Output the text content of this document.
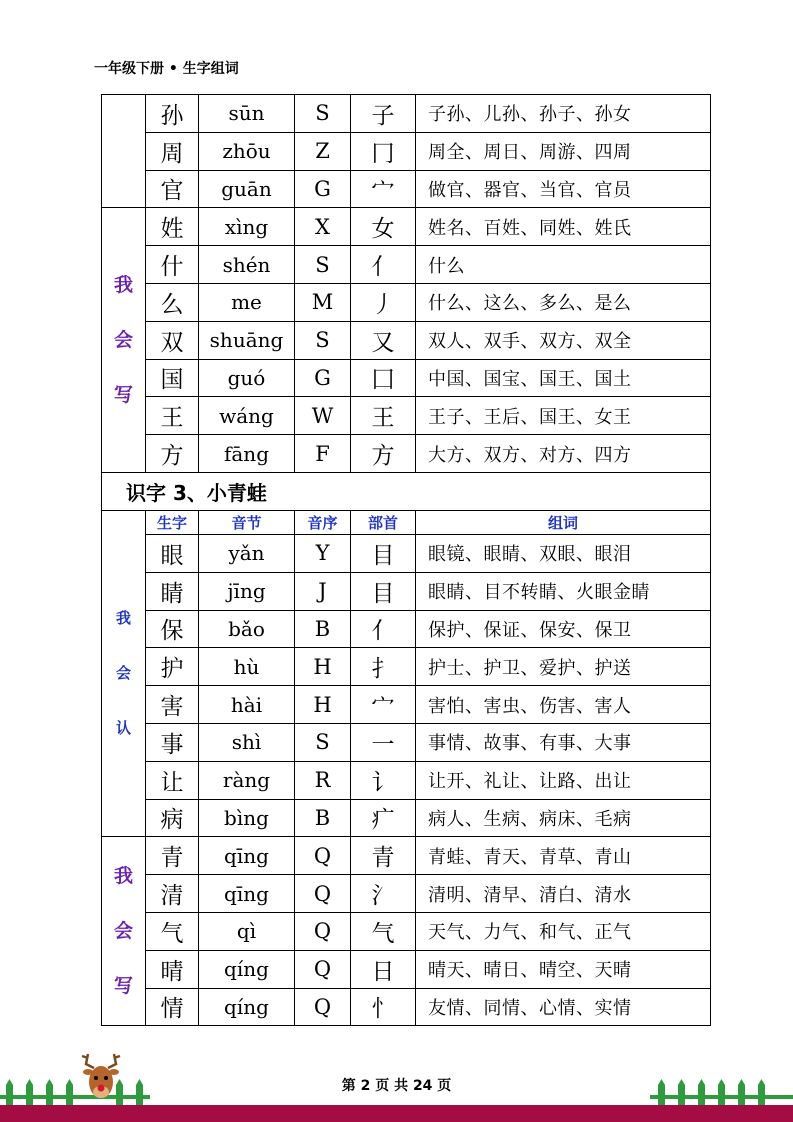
一年级下册 • 生字组词
	孙	sūn	S	子	子孙、儿孙、孙子、孙女
	周	zhōu	Z	冂	周全、周日、周游、四周
	官	guān	G	宀	做官、器官、当官、官员

我
会
写	姓	xìng	X	女	姓名、百姓、同姓、姓氏
	什	shén	S	亻	什么
	么	me	M	丿	什么、这么、多么、是么
	双	shuāng	S	又	双人、双手、双方、双全
	国	guó	G	囗	中国、国宝、国王、国土
	王	wáng	W	王	王子、王后、国王、女王
	方	fāng	F	方	大方、双方、对方、四方
识字 3、小青蛙					

我
会
认	生字	音节	音序	部首	组词
	眼	yǎn	Y	目	眼镜、眼睛、双眼、眼泪
	睛	jīng	J	目	眼睛、目不转睛、火眼金睛
	保	bǎo	B	亻	保护、保证、保安、保卫
	护	hù	H	扌	护士、护卫、爱护、护送
	害	hài	H	宀	害怕、害虫、伤害、害人
	事	shì	S	一	事情、故事、有事、大事
	让	ràng	R	讠	让开、礼让、让路、出让
	病	bìng	B	疒	病人、生病、病床、毛病

我
会
写	青	qīng	Q	青	青蛙、青天、青草、青山
	清	qīng	Q	氵	清明、清早、清白、清水
	气	qì	Q	气	天气、力气、和气、正气
	晴	qíng	Q	日	晴天、晴日、晴空、天晴
	情	qíng	Q	忄	友情、同情、心情、实情
第 2 页 共 24 页
